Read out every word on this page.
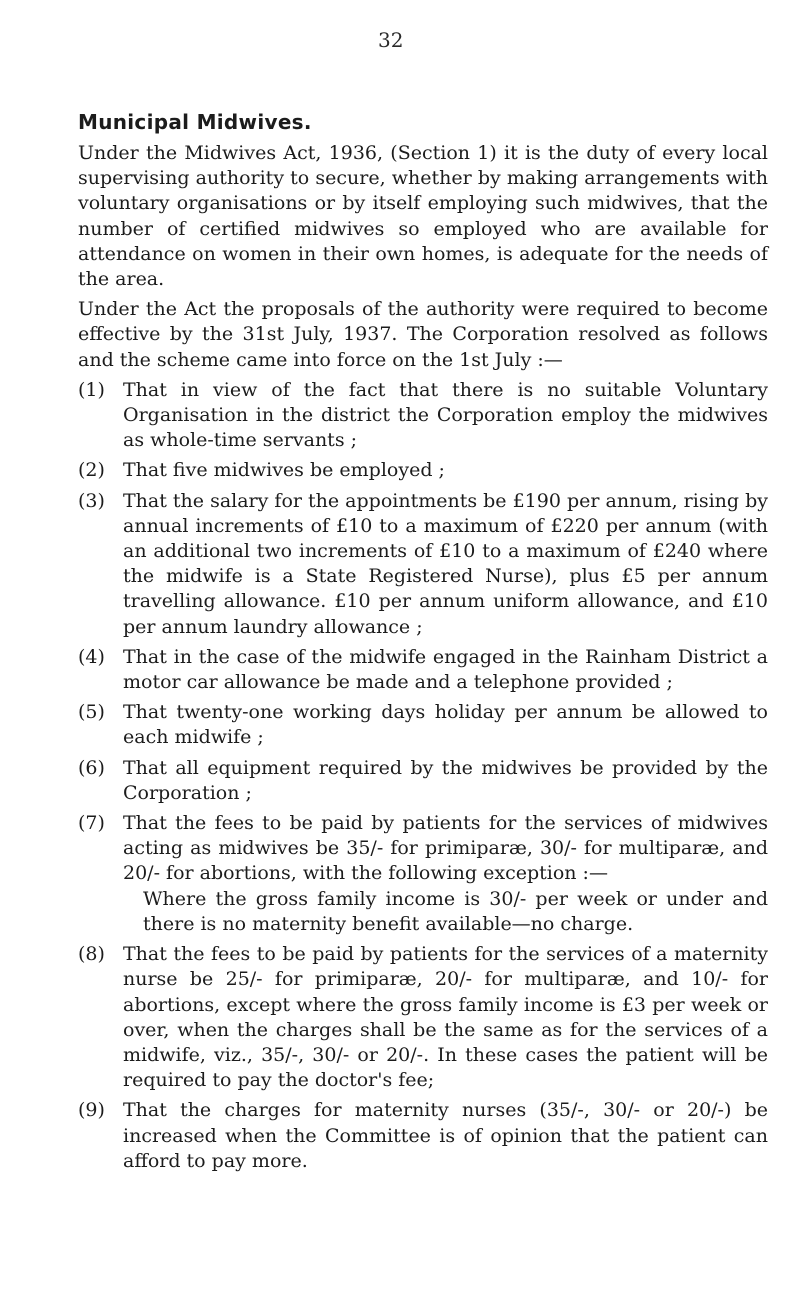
32
Municipal Midwives.

Under the Midwives Act, 1936, (Section 1) it is the duty of every local supervising authority to secure, whether by making arrangements with voluntary organisations or by itself employing such midwives, that the number of certified midwives so employed who are available for attendance on women in their own homes, is adequate for the needs of the area.

Under the Act the proposals of the authority were required to become effective by the 31st July, 1937. The Corporation resolved as follows and the scheme came into force on the 1st July :—

(1) That in view of the fact that there is no suitable Voluntary Organisation in the district the Corporation employ the midwives as whole-time servants ;
(2) That five midwives be employed ;
(3) That the salary for the appointments be £190 per annum, rising by annual increments of £10 to a maximum of £220 per annum (with an additional two increments of £10 to a maximum of £240 where the midwife is a State Registered Nurse), plus £5 per annum travelling allowance. £10 per annum uniform allowance, and £10 per annum laundry allowance ;
(4) That in the case of the midwife engaged in the Rainham District a motor car allowance be made and a telephone provided ;
(5) That twenty-one working days holiday per annum be allowed to each midwife ;
(6) That all equipment required by the midwives be provided by the Corporation ;
(7) That the fees to be paid by patients for the services of midwives acting as midwives be 35/- for primiparæ, 30/- for multiparæ, and 20/- for abortions, with the following exception :—
Where the gross family income is 30/- per week or under and there is no maternity benefit available—no charge.
(8) That the fees to be paid by patients for the services of a maternity nurse be 25/- for primiparæ, 20/- for multiparæ, and 10/- for abortions, except where the gross family income is £3 per week or over, when the charges shall be the same as for the services of a midwife, viz., 35/-, 30/- or 20/-. In these cases the patient will be required to pay the doctor's fee;
(9) That the charges for maternity nurses (35/-, 30/- or 20/-) be increased when the Committee is of opinion that the patient can afford to pay more.
